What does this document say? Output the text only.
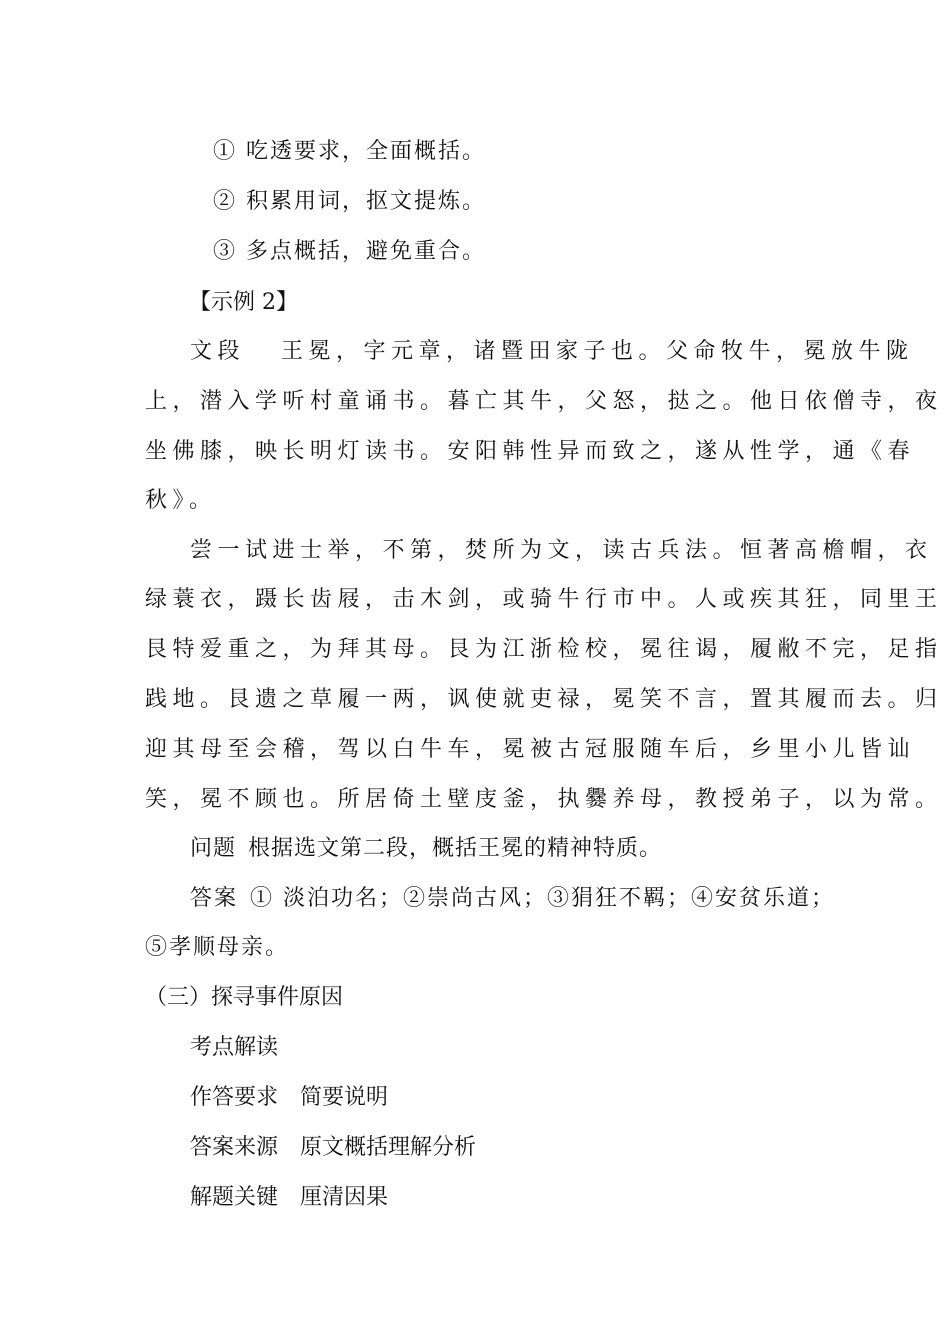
① 吃透要求，全面概括。
② 积累用词，抠文提炼。
③ 多点概括，避免重合。
【示例 2】
文段 王冕，字元章，诸暨田家子也。父命牧牛，冕放牛陇
上，潜入学听村童诵书。暮亡其牛，父怒，挞之。他日依僧寺，夜
坐佛膝，映长明灯读书。安阳韩性异而致之，遂从性学，通《春
秋》。
尝一试进士举，不第，焚所为文，读古兵法。恒著高檐帽，衣
绿蓑衣，蹑长齿屐，击木剑，或骑牛行市中。人或疾其狂，同里王
艮特爱重之，为拜其母。艮为江浙检校，冕往谒，履敝不完，足指
践地。艮遗之草履一两，讽使就吏禄，冕笑不言，置其履而去。归
迎其母至会稽，驾以白牛车，冕被古冠服随车后，乡里小儿皆讪
笑，冕不顾也。所居倚土壁庋釜，执爨养母，教授弟子，以为常。
问题 根据选文第二段，概括王冕的精神特质。
答案 ① 淡泊功名；②崇尚古风；③狷狂不羁；④安贫乐道；
⑤孝顺母亲。
（三）探寻事件原因
考点解读
作答要求 简要说明
答案来源 原文概括理解分析
解题关键 厘清因果
